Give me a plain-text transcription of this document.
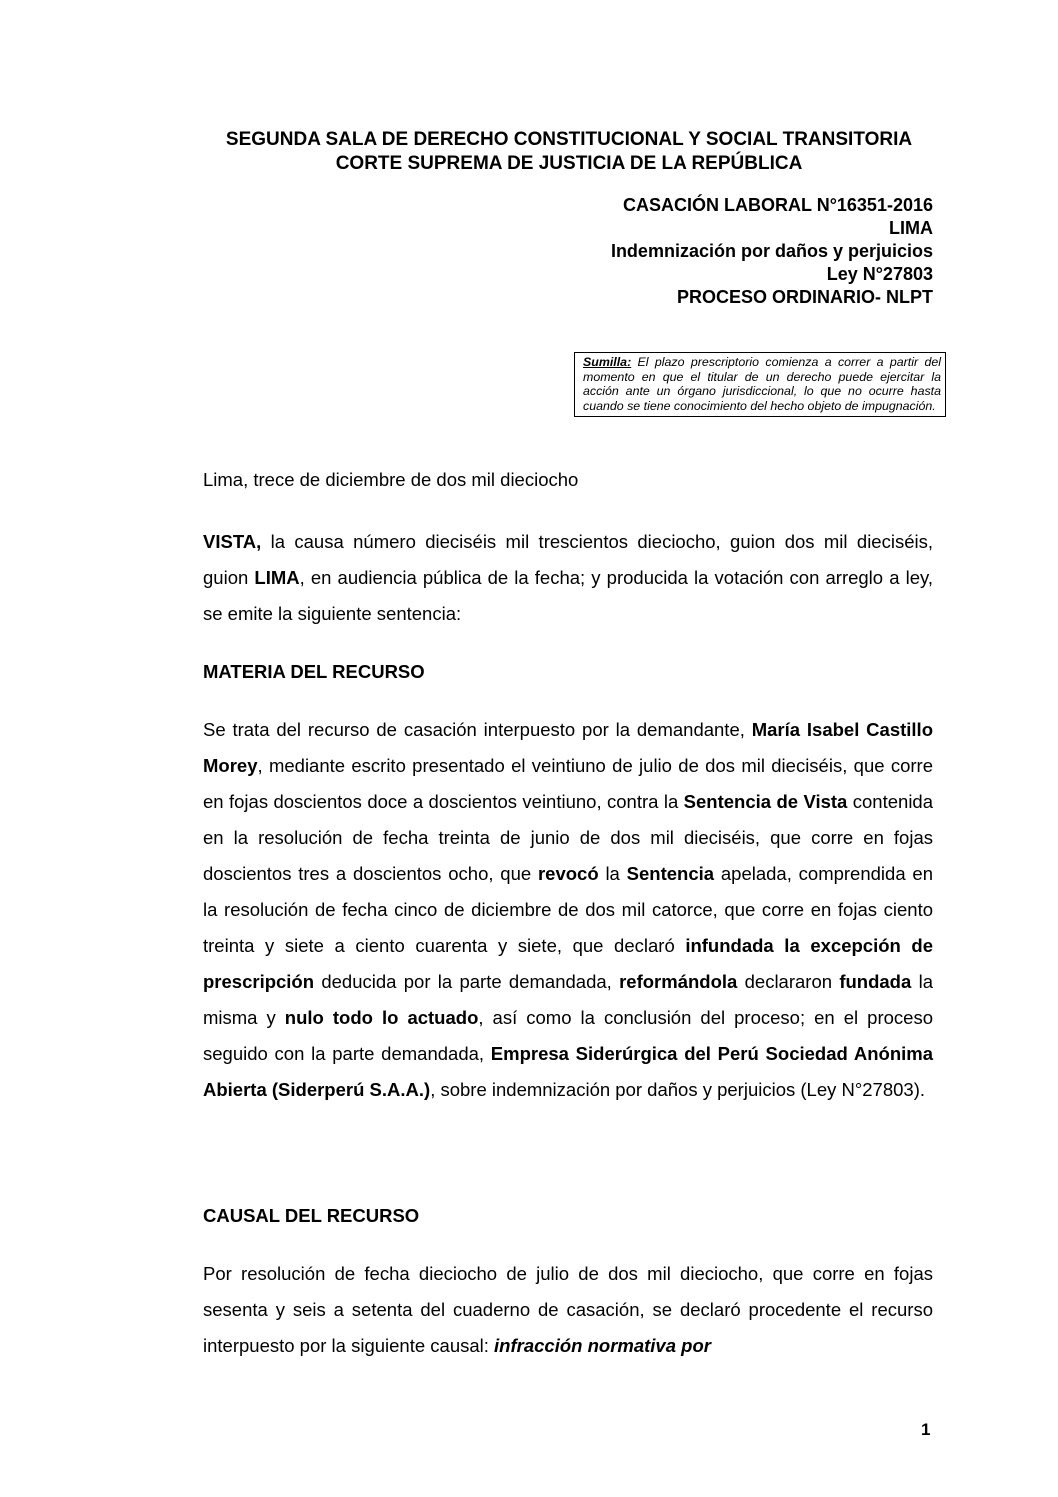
SEGUNDA SALA DE DERECHO CONSTITUCIONAL Y SOCIAL TRANSITORIA
CORTE SUPREMA DE JUSTICIA DE LA REPÚBLICA
CASACIÓN LABORAL N°16351-2016
LIMA
Indemnización por daños y perjuicios
Ley N°27803
PROCESO ORDINARIO- NLPT
Sumilla: El plazo prescriptorio comienza a correr a partir del momento en que el titular de un derecho puede ejercitar la acción ante un órgano jurisdiccional, lo que no ocurre hasta cuando se tiene conocimiento del hecho objeto de impugnación.
Lima, trece de diciembre de dos mil dieciocho
VISTA, la causa número dieciséis mil trescientos dieciocho, guion dos mil dieciséis, guion LIMA, en audiencia pública de la fecha; y producida la votación con arreglo a ley, se emite la siguiente sentencia:
MATERIA DEL RECURSO
Se trata del recurso de casación interpuesto por la demandante, María Isabel Castillo Morey, mediante escrito presentado el veintiuno de julio de dos mil dieciséis, que corre en fojas doscientos doce a doscientos veintiuno, contra la Sentencia de Vista contenida en la resolución de fecha treinta de junio de dos mil dieciséis, que corre en fojas doscientos tres a doscientos ocho, que revocó la Sentencia apelada, comprendida en la resolución de fecha cinco de diciembre de dos mil catorce, que corre en fojas ciento treinta y siete a ciento cuarenta y siete, que declaró infundada la excepción de prescripción deducida por la parte demandada, reformándola declararon fundada la misma y nulo todo lo actuado, así como la conclusión del proceso; en el proceso seguido con la parte demandada, Empresa Siderúrgica del Perú Sociedad Anónima Abierta (Siderperú S.A.A.), sobre indemnización por daños y perjuicios (Ley N°27803).
CAUSAL DEL RECURSO
Por resolución de fecha dieciocho de julio de dos mil dieciocho, que corre en fojas sesenta y seis a setenta del cuaderno de casación, se declaró procedente el recurso interpuesto por la siguiente causal: infracción normativa por
1
